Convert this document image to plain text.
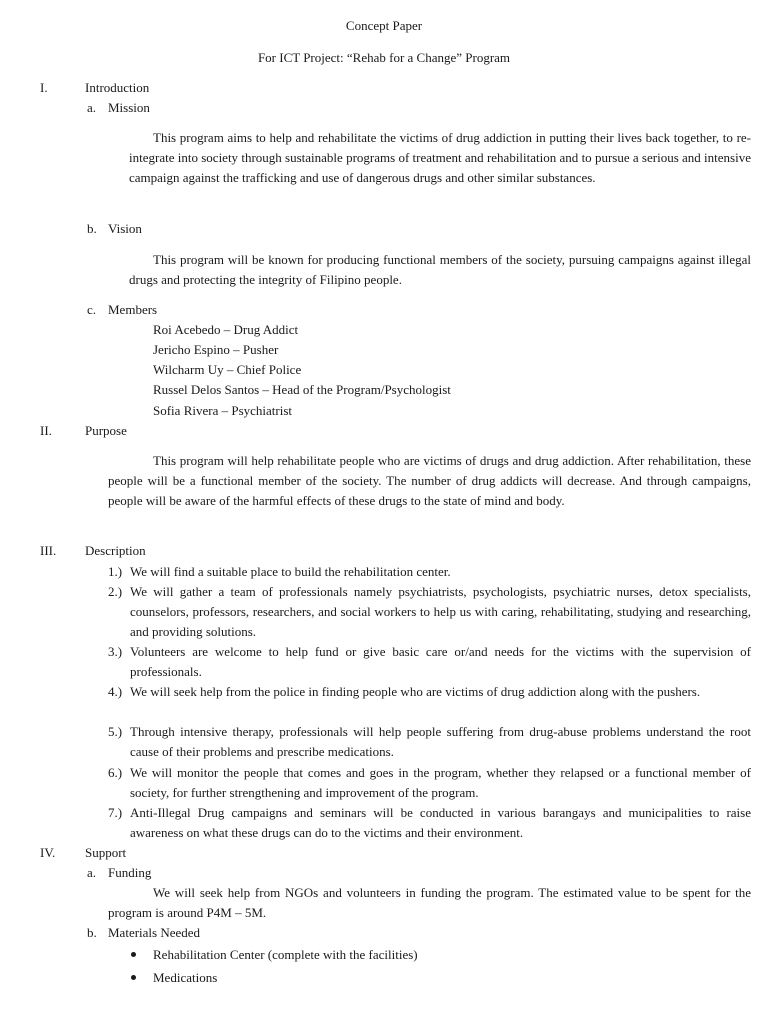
Concept Paper
For ICT Project: “Rehab for a Change” Program
I.	Introduction
a. Mission
This program aims to help and rehabilitate the victims of drug addiction in putting their lives back together, to re-integrate into society through sustainable programs of treatment and rehabilitation and to pursue a serious and intensive campaign against the trafficking and use of dangerous drugs and other similar substances.
b. Vision
This program will be known for producing functional members of the society, pursuing campaigns against illegal drugs and protecting the integrity of Filipino people.
c. Members
Roi Acebedo – Drug Addict
Jericho Espino – Pusher
Wilcharm Uy – Chief Police
Russel Delos Santos – Head of the Program/Psychologist
Sofia Rivera – Psychiatrist
II.	Purpose
This program will help rehabilitate people who are victims of drugs and drug addiction. After rehabilitation, these people will be a functional member of the society. The number of drug addicts will decrease. And through campaigns, people will be aware of the harmful effects of these drugs to the state of mind and body.
III. Description
1.) We will find a suitable place to build the rehabilitation center.
2.) We will gather a team of professionals namely psychiatrists, psychologists, psychiatric nurses, detox specialists, counselors, professors, researchers, and social workers to help us with caring, rehabilitating, studying and researching, and providing solutions.
3.) Volunteers are welcome to help fund or give basic care or/and needs for the victims with the supervision of professionals.
4.) We will seek help from the police in finding people who are victims of drug addiction along with the pushers.
5.) Through intensive therapy, professionals will help people suffering from drug-abuse problems understand the root cause of their problems and prescribe medications.
6.) We will monitor the people that comes and goes in the program, whether they relapsed or a functional member of society, for further strengthening and improvement of the program.
7.) Anti-Illegal Drug campaigns and seminars will be conducted in various barangays and municipalities to raise awareness on what these drugs can do to the victims and their environment.
IV. Support
a. Funding
We will seek help from NGOs and volunteers in funding the program. The estimated value to be spent for the program is around P4M – 5M.
b. Materials Needed
Rehabilitation Center (complete with the facilities)
Medications
